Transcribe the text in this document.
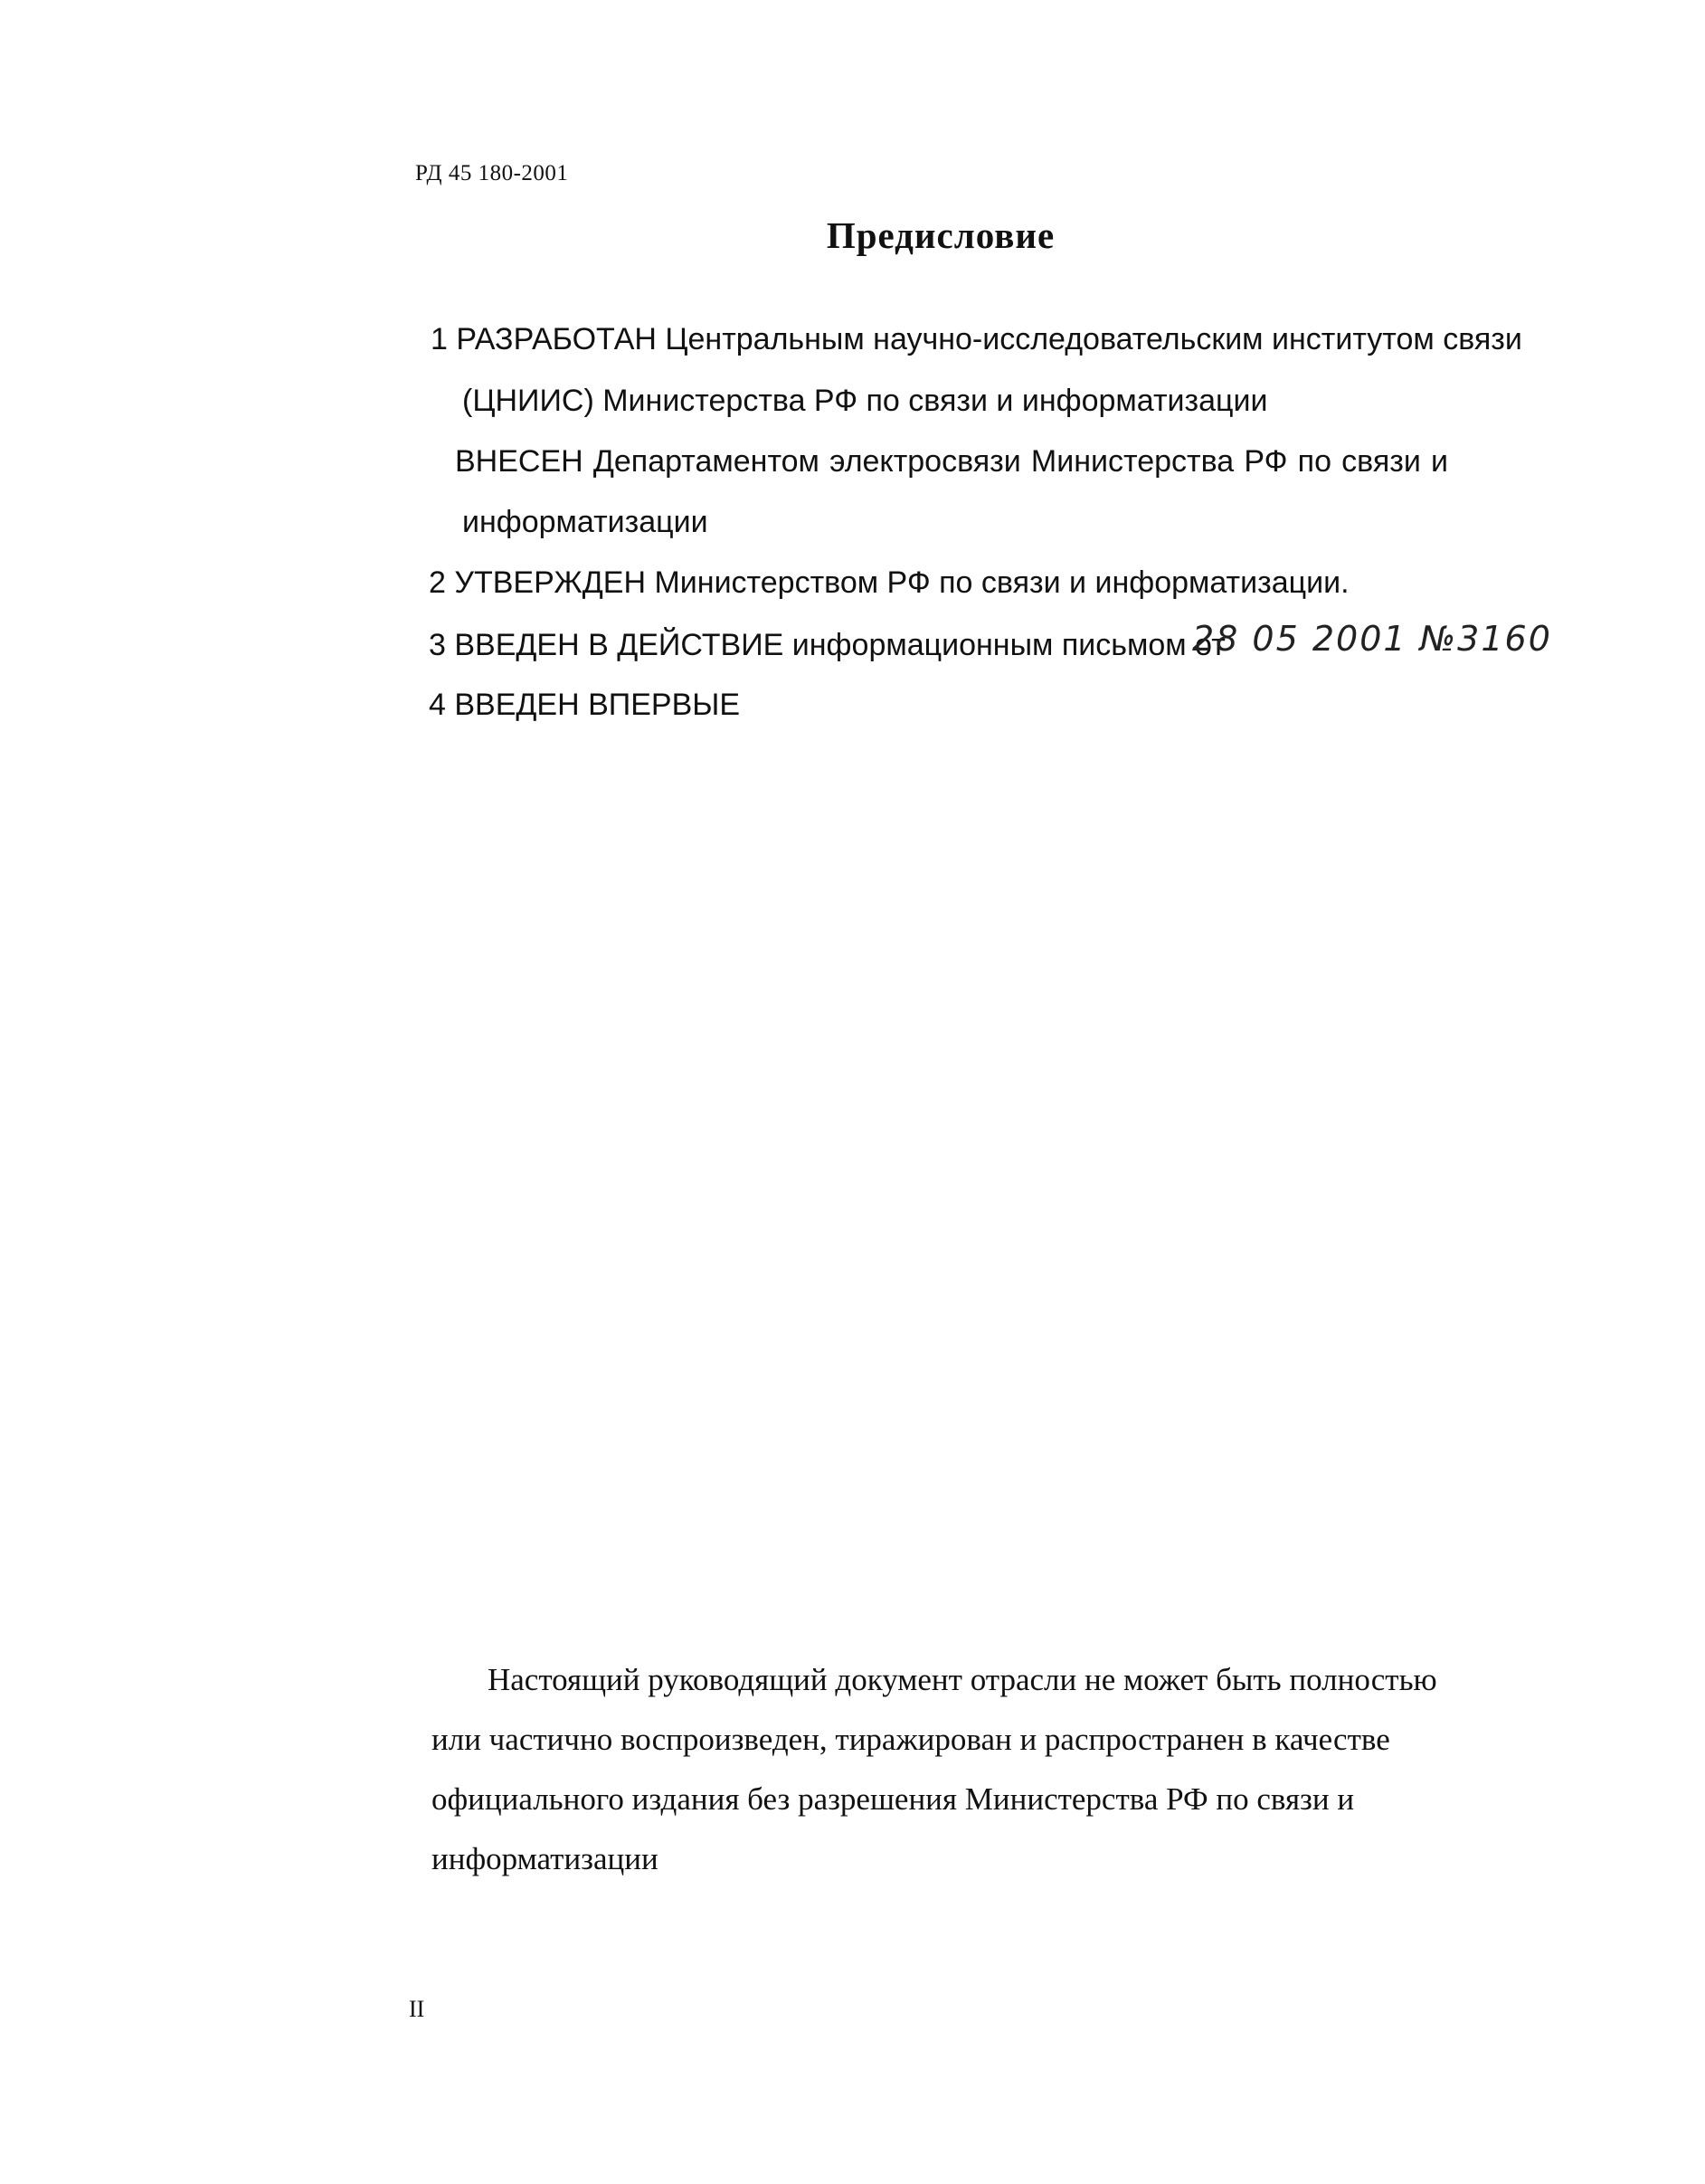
РД 45 180-2001
Предисловие
1 РАЗРАБОТАН Центральным научно-исследовательским институтом связи
(ЦНИИС) Министерства РФ по связи и информатизации
ВНЕСЕН Департаментом электросвязи Министерства РФ по связи и
информатизации
2 УТВЕРЖДЕН Министерством РФ по связи и информатизации.
3 ВВЕДЕН В ДЕЙСТВИЕ информационным письмом от
28 05 2001 №3160
4 ВВЕДЕН ВПЕРВЫЕ

Настоящий руководящий документ отрасли не может быть полностью или частично воспроизведен, тиражирован и распространен в качестве официального издания без разрешения Министерства РФ по связи и информатизации

II
